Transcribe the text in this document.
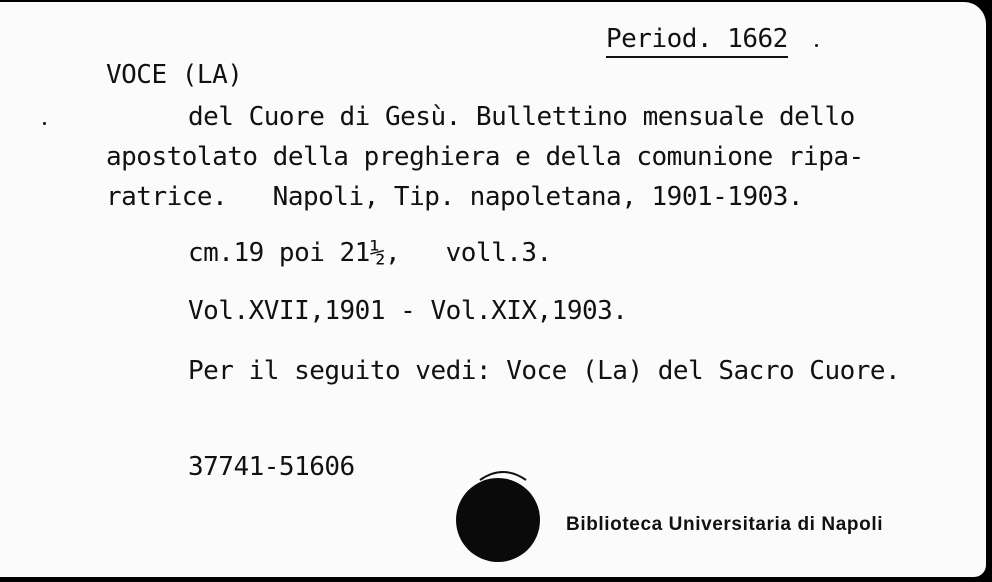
Period. 1662
VOCE (LA)
del Cuore di Gesù. Bullettino mensuale dello
apostolato della preghiera e della comunione ripa-
ratrice.   Napoli, Tip. napoletana, 1901-1903.
cm.19 poi 21½,   voll.3.
Vol.XVII,1901 - Vol.XIX,1903.
Per il seguito vedi: Voce (La) del Sacro Cuore.
37741-51606
Biblioteca Universitaria di Napoli
